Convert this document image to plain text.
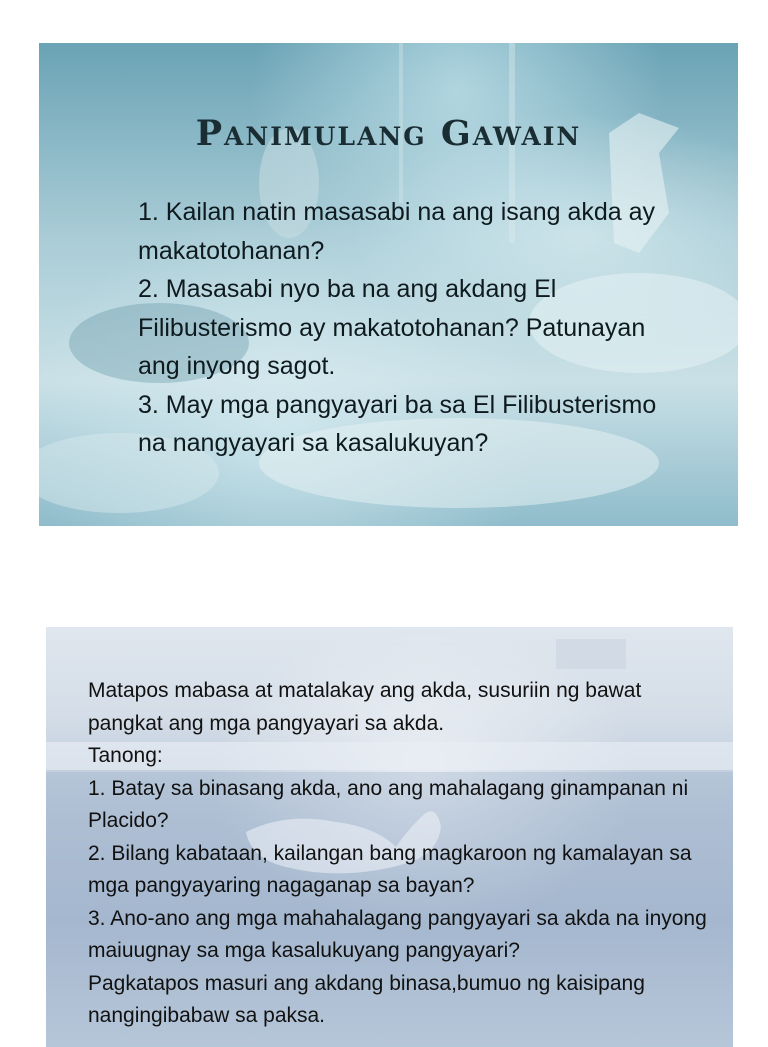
Panimulang Gawain

1. Kailan natin masasabi na ang isang akda ay makatotohanan?

2. Masasabi nyo ba na ang akdang El Filibusterismo ay makatotohanan? Patunayan ang inyong sagot.

3. May mga pangyayari ba sa El Filibusterismo na nangyayari sa kasalukuyan?

Matapos mabasa at matalakay ang akda, susuriin ng bawat pangkat ang mga pangyayari sa akda.

Tanong:

1. Batay sa binasang akda, ano ang mahalagang ginampanan ni Placido?

2. Bilang kabataan, kailangan bang magkaroon ng kamalayan sa mga pangyayaring nagaganap sa bayan?

3. Ano-ano ang mga mahahalagang pangyayari sa akda na inyong maiuugnay sa mga kasalukuyang pangyayari?

Pagkatapos masuri ang akdang binasa,bumuo ng kaisipang nangingibabaw sa paksa.
